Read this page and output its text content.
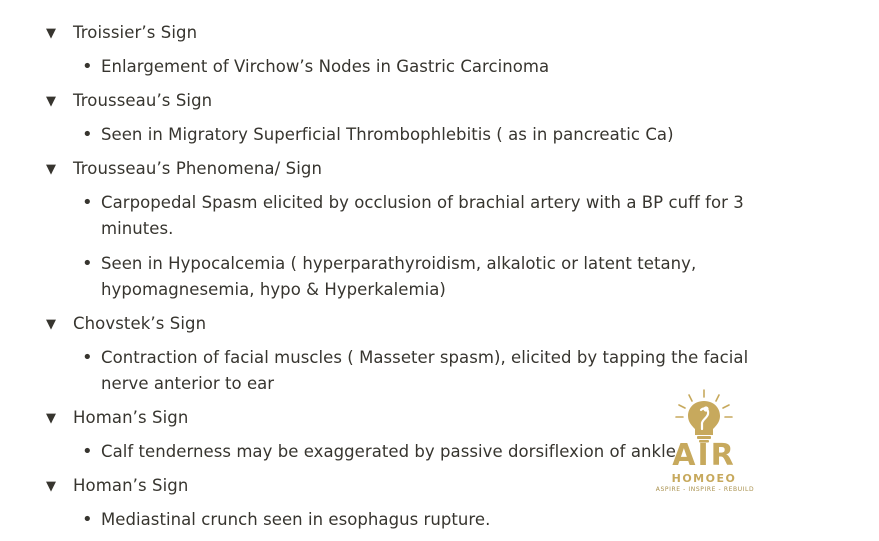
▼	Troissier’s Sign
• Enlargement of Virchow’s Nodes in Gastric Carcinoma
▼	Trousseau’s Sign
• Seen in Migratory Superficial Thrombophlebitis ( as in pancreatic Ca)
▼	Trousseau’s Phenomena/ Sign
• Carpopedal Spasm elicited by occlusion of brachial artery with a BP cuff for 3 minutes.
• Seen in Hypocalcemia ( hyperparathyroidism, alkalotic or latent tetany, hypomagnesemia, hypo & Hyperkalemia)
▼	Chovstek’s Sign
• Contraction of facial muscles ( Masseter spasm), elicited by tapping the facial nerve anterior to ear
▼	Homan’s Sign
• Calf tenderness may be exaggerated by passive dorsiflexion of ankle
▼	Homan’s Sign
• Mediastinal crunch seen in esophagus rupture.
AIR
HOMOEO
ASPIRE - INSPIRE - REBUILD
